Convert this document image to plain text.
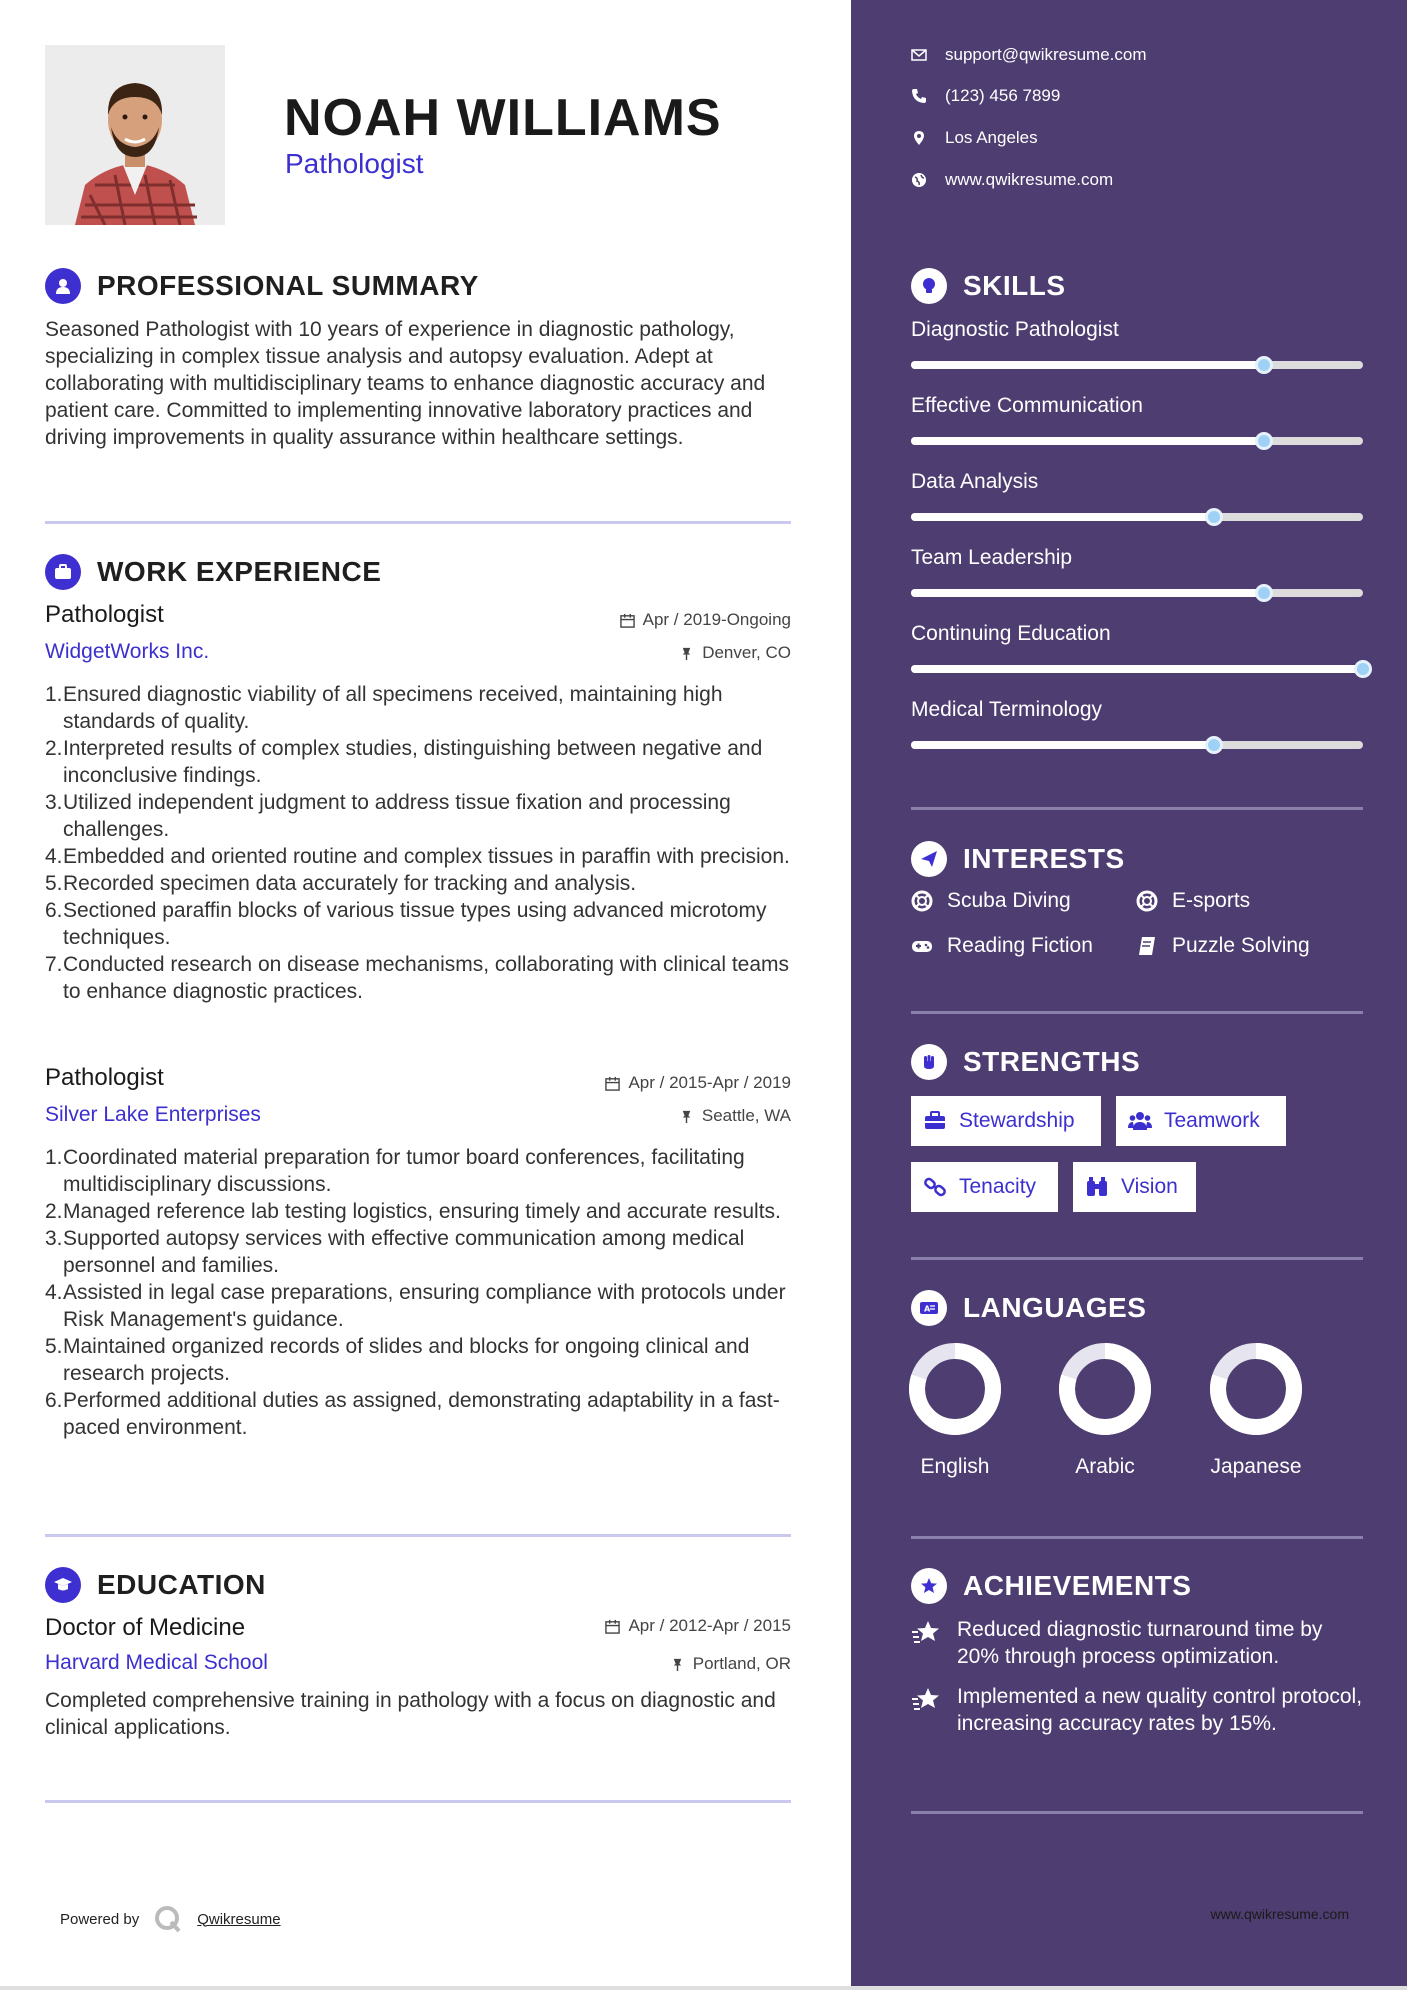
NOAH WILLIAMS
Pathologist
PROFESSIONAL SUMMARY
Seasoned Pathologist with 10 years of experience in diagnostic pathology, specializing in complex tissue analysis and autopsy evaluation. Adept at collaborating with multidisciplinary teams to enhance diagnostic accuracy and patient care. Committed to implementing innovative laboratory practices and driving improvements in quality assurance within healthcare settings.
WORK EXPERIENCE
Pathologist	Apr / 2019-Ongoing
WidgetWorks Inc.	Denver, CO
1. Ensured diagnostic viability of all specimens received, maintaining high standards of quality.
2. Interpreted results of complex studies, distinguishing between negative and inconclusive findings.
3. Utilized independent judgment to address tissue fixation and processing challenges.
4. Embedded and oriented routine and complex tissues in paraffin with precision.
5. Recorded specimen data accurately for tracking and analysis.
6. Sectioned paraffin blocks of various tissue types using advanced microtomy techniques.
7. Conducted research on disease mechanisms, collaborating with clinical teams to enhance diagnostic practices.
Pathologist	Apr / 2015-Apr / 2019
Silver Lake Enterprises	Seattle, WA
1. Coordinated material preparation for tumor board conferences, facilitating multidisciplinary discussions.
2. Managed reference lab testing logistics, ensuring timely and accurate results.
3. Supported autopsy services with effective communication among medical personnel and families.
4. Assisted in legal case preparations, ensuring compliance with protocols under Risk Management's guidance.
5. Maintained organized records of slides and blocks for ongoing clinical and research projects.
6. Performed additional duties as assigned, demonstrating adaptability in a fast-paced environment.
EDUCATION
Doctor of Medicine	Apr / 2012-Apr / 2015
Harvard Medical School	Portland, OR
Completed comprehensive training in pathology with a focus on diagnostic and clinical applications.
Powered by	Qwikresume
support@qwikresume.com
(123) 456 7899
Los Angeles
www.qwikresume.com
SKILLS
INTERESTS
Scuba Diving	E-sports
Reading Fiction	Puzzle Solving
STRENGTHS
Stewardship	Teamwork
Tenacity	Vision
A LANGUAGES
ACHIEVEMENTS
Reduced diagnostic turnaround time by 20% through process optimization.
Implemented a new quality control protocol, increasing accuracy rates by 15%.
www.qwikresume.com
Diagnostic Pathologist
Effective Communication
Data Analysis
Team Leadership
Continuing Education
Medical Terminology
English	Arabic	Japanese
